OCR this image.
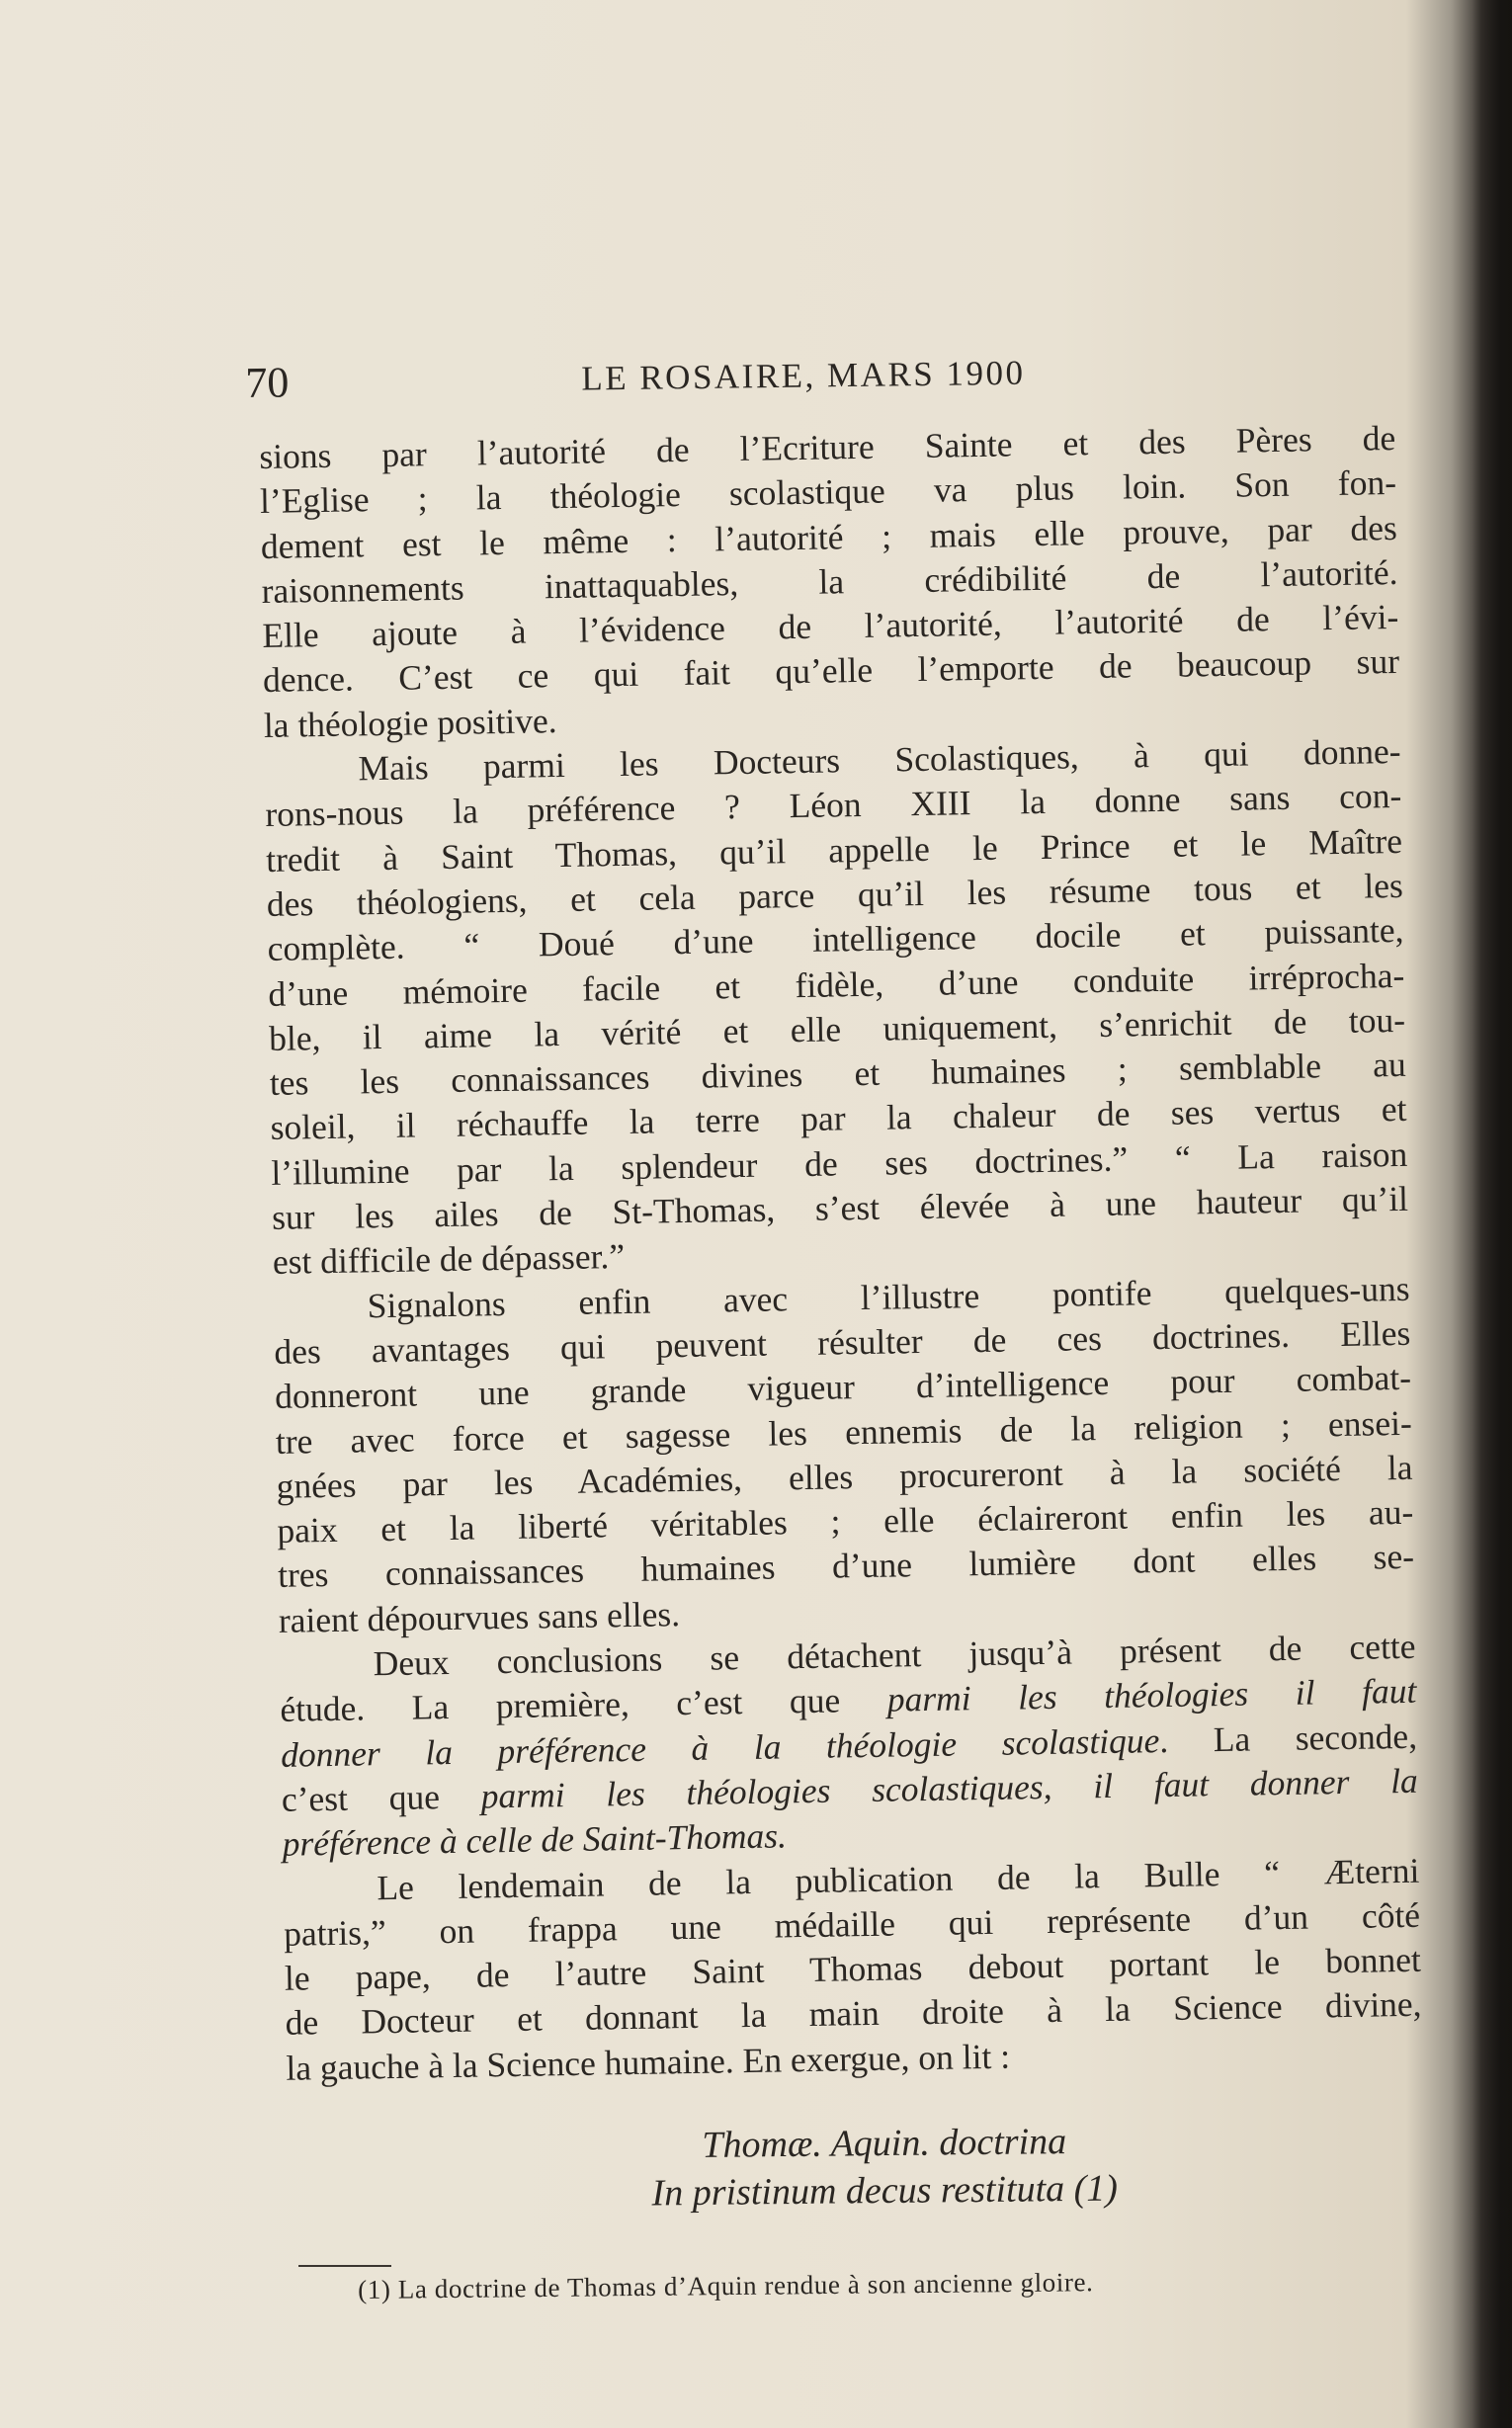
70	LE ROSAIRE, MARS 1900

sions par l’autorité de l’Ecriture Sainte et des Pères de
l’Eglise ; la théologie scolastique va plus loin. Son fon-
dement est le même : l’autorité ; mais elle prouve, par des
raisonnements inattaquables, la crédibilité de l’autorité.
Elle ajoute à l’évidence de l’autorité, l’autorité de l’évi-
dence. C’est ce qui fait qu’elle l’emporte de beaucoup sur
la théologie positive.

Mais parmi les Docteurs Scolastiques, à qui donne-
rons-nous la préférence ? Léon XIII la donne sans con-
tredit à Saint Thomas, qu’il appelle le Prince et le Maître
des théologiens, et cela parce qu’il les résume tous et les
complète. “ Doué d’une intelligence docile et puissante,
d’une mémoire facile et fidèle, d’une conduite irréprocha-
ble, il aime la vérité et elle uniquement, s’enrichit de tou-
tes les connaissances divines et humaines ; semblable au
soleil, il réchauffe la terre par la chaleur de ses vertus et
l’illumine par la splendeur de ses doctrines.” “ La raison
sur les ailes de St-Thomas, s’est élevée à une hauteur qu’il
est difficile de dépasser.”

Signalons enfin avec l’illustre pontife quelques-uns
des avantages qui peuvent résulter de ces doctrines. Elles
donneront une grande vigueur d’intelligence pour combat-
tre avec force et sagesse les ennemis de la religion ; ensei-
gnées par les Académies, elles procureront à la société la
paix et la liberté véritables ; elle éclaireront enfin les au-
tres connaissances humaines d’une lumière dont elles se-
raient dépourvues sans elles.

Deux conclusions se détachent jusqu’à présent de cette
étude. La première, c’est que parmi les théologies il faut
donner la préférence à la théologie scolastique. La seconde,
c’est que parmi les théologies scolastiques, il faut donner la
préférence à celle de Saint-Thomas.

Le lendemain de la publication de la Bulle “ Æterni
patris,” on frappa une médaille qui représente d’un côté
le pape, de l’autre Saint Thomas debout portant le bonnet
de Docteur et donnant la main droite à la Science divine,
la gauche à la Science humaine. En exergue, on lit :

Thomæ. Aquin. doctrina
In pristinum decus restituta (1)
(1) La doctrine de Thomas d’Aquin rendue à son ancienne gloire.
